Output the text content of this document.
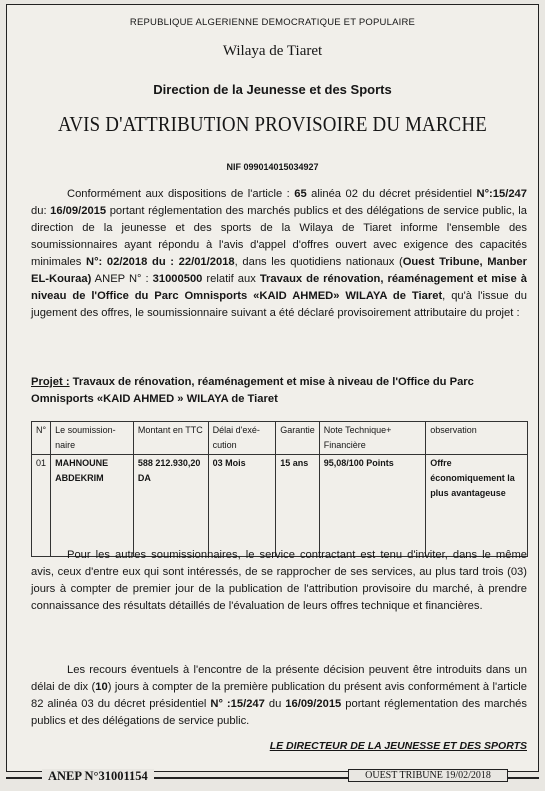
REPUBLIQUE ALGERIENNE DEMOCRATIQUE ET POPULAIRE
Wilaya de Tiaret
Direction de la Jeunesse et des Sports
AVIS D'ATTRIBUTION PROVISOIRE DU MARCHE
NIF 099014015034927

Conformément aux dispositions de l'article : 65 alinéa 02 du décret présidentiel N°:15/247 du: 16/09/2015 portant réglementation des marchés publics et des délégations de service public, la direction de la jeunesse et des sports de la Wilaya de Tiaret informe l'ensemble des soumissionnaires ayant répondu à l'avis d'appel d'offres ouvert avec exigence des capacités minimales N°: 02/2018 du : 22/01/2018, dans les quotidiens nationaux (Ouest Tribune, Manber EL-Kouraa) ANEP N° : 31000500 relatif aux Travaux de rénovation, réaménagement et mise à niveau de l'Office du Parc Omnisports «KAID AHMED» WILAYA de Tiaret, qu'à l'issue du jugement des offres, le soumissionnaire suivant a été déclaré provisoirement attributaire du projet :

Projet : Travaux de rénovation, réaménagement et mise à niveau de l'Office du Parc Omnisports «KAID AHMED » WILAYA de Tiaret

N°	Le soumission-naire	Montant en TTC	Délai d'exé-cution	Garantie	Note Technique+ Financière	observation
01	MAHNOUNE ABDEKRIM	588 212.930,20 DA	03 Mois	15 ans	95,08/100 Points	Offre économiquement la plus avantageuse

Pour les autres soumissionnaires, le service contractant est tenu d'inviter, dans le même avis, ceux d'entre eux qui sont intéressés, de se rapprocher de ses services, au plus tard trois (03) jours à compter de premier jour de la publication de l'attribution provisoire du marché, à prendre connaissance des résultats détaillés de l'évaluation de leurs offres technique et financières.

Les recours éventuels à l'encontre de la présente décision peuvent être introduits dans un délai de dix (10) jours à compter de la première publication du présent avis conformément à l'article 82 alinéa 03 du décret présidentiel N° :15/247 du 16/09/2015 portant réglementation des marchés publics et des délégations de service public.

LE DIRECTEUR DE LA JEUNESSE ET DES SPORTS
ANEP N°31001154	OUEST TRIBUNE 19/02/2018
